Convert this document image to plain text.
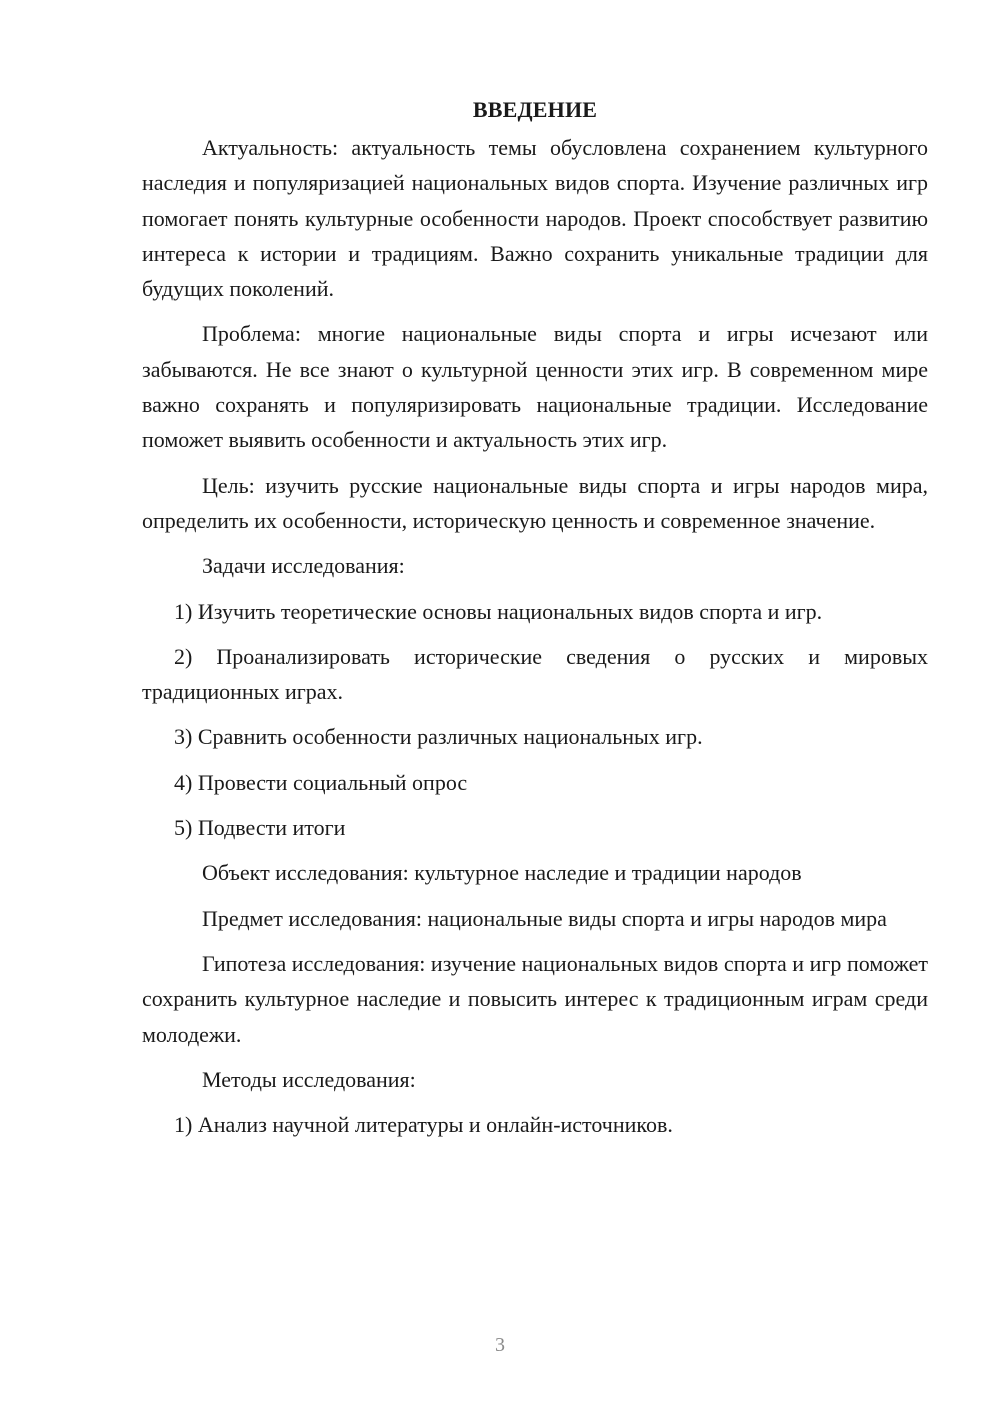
ВВЕДЕНИЕ

Актуальность: актуальность темы обусловлена сохранением культурного наследия и популяризацией национальных видов спорта. Изучение различных игр помогает понять культурные особенности народов. Проект способствует развитию интереса к истории и традициям. Важно сохранить уникальные традиции для будущих поколений.

Проблема: многие национальные виды спорта и игры исчезают или забываются. Не все знают о культурной ценности этих игр. В современном мире важно сохранять и популяризировать национальные традиции. Исследование поможет выявить особенности и актуальность этих игр.

Цель: изучить русские национальные виды спорта и игры народов мира, определить их особенности, историческую ценность и современное значение.

Задачи исследования:

1) Изучить теоретические основы национальных видов спорта и игр.

2) Проанализировать исторические сведения о русских и мировых традиционных играх.

3) Сравнить особенности различных национальных игр.

4) Провести социальный опрос

5) Подвести итоги

Объект исследования: культурное наследие и традиции народов

Предмет исследования: национальные виды спорта и игры народов мира

Гипотеза исследования: изучение национальных видов спорта и игр поможет сохранить культурное наследие и повысить интерес к традиционным играм среди молодежи.

Методы исследования:

1) Анализ научной литературы и онлайн-источников.

3
